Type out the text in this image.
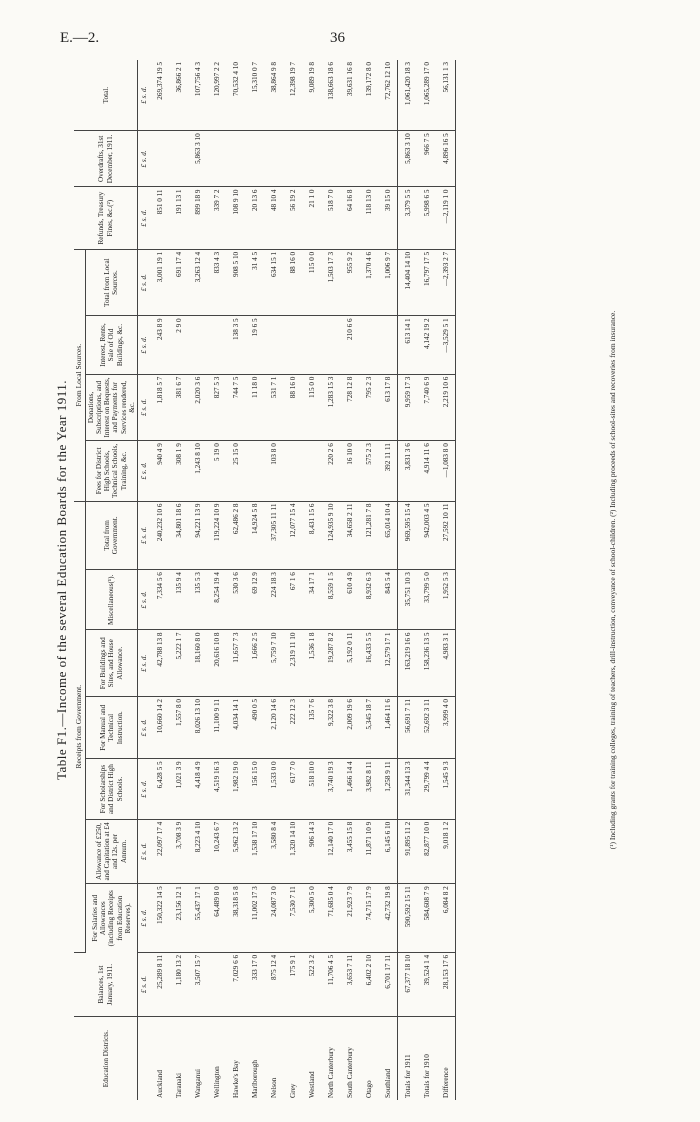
E.—2.	36
Table F1.—Income of the several Education Boards for the Year 1911.
Education Districts.	Balances, 1st January, 1911.	Receipts from Government.							From Local Sources.				Refunds, Treasury Fines, &c.(²)	Overdrafts, 31st December, 1911.	Total.
		For Salaries and Allowances (including Receipts from Education Reserves).	Allowance of £250, and Capitation at £4 and 12s. per Annum.	For Scholarships and District High Schools.	For Manual and Technical Instruction.	For Buildings and Sites, and House Allowance.	Miscellaneous(¹).	Total from Government.	Fees for District High Schools, Technical Schools, Training, &c.	Donations, Subscriptions, and Interest on Bequests, and Payments for Services rendered, &c.	Interest, Rents, Sale of Old Buildings, &c.	Total from Local Sources.			
	£ s. d.	£ s. d.	£ s. d.	£ s. d.	£ s. d.	£ s. d.	£ s. d.	£ s. d.	£ s. d.	£ s. d.	£ s. d.	£ s. d.	£ s. d.	£ s. d.	£ s. d.
Auckland	25,289 8 11	150,322 14 5	22,097 17 4	6,428 5 5	10,660 14 2	42,788 13 8	7,334 5 6	240,232 10 6	940 4 9	1,818 5 7	243 8 9	3,001 19 1	851 0 11		269,374 19 5
Taranaki	1,180 13 2	23,156 12 1	3,708 3 9	1,021 3 9	1,557 8 0	5,222 1 7	135 9 4	34,801 18 6	308 1 9	381 6 7	2 9 0	691 17 4	191 13 1		36,866 2 1
Wanganui	3,507 15 7	55,437 17 1	8,223 4 10	4,418 4 9	8,026 13 10	18,160 8 0	135 5 3	94,221 13 9	1,243 8 10	2,020 3 6		3,263 12 4	899 18 9	5,863 3 10	107,756 4 3
Wellington		64,489 8 0	10,243 6 7	4,519 16 3	11,100 9 11	20,616 10 8	8,254 19 4	119,224 10 9	5 19 0	827 5 3		833 4 3	339 7 2		120,997 2 2
Hawke's Bay	7,029 6 6	38,318 5 8	5,962 13 2	1,982 19 0	4,034 14 1	11,657 7 3	530 3 6	62,486 2 8	25 15 0	744 7 5	138 3 5	908 5 10	108 9 10		70,532 4 10
Marlborough	333 17 0	11,002 17 3	1,538 17 10	156 15 0	490 0 5	1,666 2 5	69 12 9	14,924 5 8		11 18 0	19 6 5	31 4 5	20 13 6		15,310 0 7
Nelson	875 12 4	24,087 3 0	3,580 8 4	1,533 0 0	2,120 14 6	5,759 7 10	224 18 3	37,305 11 11	103 8 0	531 7 1		634 15 1	48 10 4		38,864 9 8
Grey	175 9 1	7,530 7 11	1,320 14 10	617 7 0	222 12 3	2,319 11 10	67 1 6	12,077 15 4		88 16 0		88 16 0	56 19 2		12,398 19 7
Westland	522 3 2	5,300 5 0	906 14 3	518 10 0	135 7 6	1,536 1 8	34 17 1	8,431 15 6		115 0 0		115 0 0	21 1 0		9,089 19 8
North Canterbury	11,706 4 5	71,685 0 4	12,140 17 0	3,740 19 3	9,322 3 8	19,287 8 2	8,559 1 5	124,935 9 10	220 2 6	1,283 15 3		1,503 17 3	518 7 0		138,663 18 6
South Canterbury	3,653 7 11	21,923 7 9	3,455 15 8	1,466 14 4	2,009 19 6	5,192 0 11	610 4 9	34,658 2 11	16 10 0	728 12 8	210 6 6	955 9 2	64 16 8		39,631 16 8
Otago	6,402 2 10	74,715 17 9	11,871 10 9	3,982 8 11	5,345 18 7	16,433 5 5	8,932 6 3	121,281 7 8	575 2 3	795 2 3		1,370 4 6	118 13 0		139,172 8 0
Southland	6,701 17 11	42,732 19 8	6,145 6 10	1,258 9 11	1,464 11 6	12,579 17 1	843 5 4	65,014 10 4	392 11 11	613 17 8		1,006 9 7	39 15 0		72,762 12 10
Totals for 1911	67,377 18 10	590,592 15 11	91,895 11 2	31,344 13 3	56,691 7 11	163,219 16 6	35,751 10 3	969,595 15 4	3,831 3 6	9,959 17 3	613 14 1	14,404 14 10	3,379 5 5	5,863 3 10	1,061,420 18 3
Totals for 1910	39,524 1 4	584,608 7 9	82,877 10 0	29,799 4 4	52,692 3 11	158,236 13 5	33,799 5 0	942,003 4 5	4,914 11 6	7,740 6 9	4,142 19 2	16,797 17 5	5,998 6 5	966 7 5	1,065,289 17 0
Difference	28,153 17 6	6,084 8 2	9,018 1 2	1,545 9 3	3,999 4 0	4,983 3 1	1,952 5 3	27,592 10 11	—1,083 8 0	2,219 10 6	—3,529 5 1	—2,393 2 7	—2,119 1 0	4,896 16 5	56,131 1 3
(¹) Including grants for training colleges, training of teachers, drill-instruction, conveyance of school-children. (²) Including proceeds of school-sites and recoveries from insurance.
